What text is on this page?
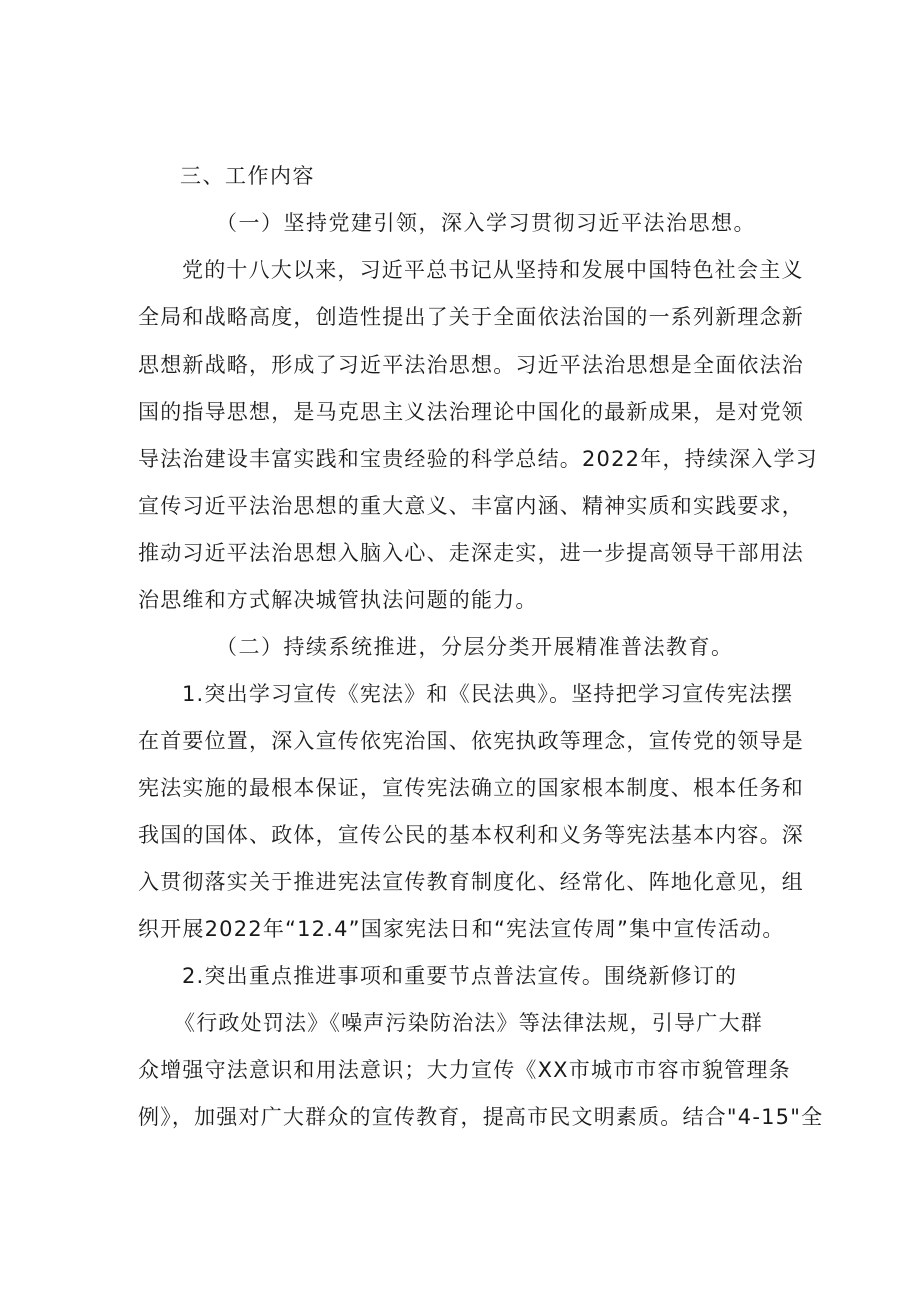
三、工作内容
（一）坚持党建引领，深入学习贯彻习近平法治思想。
党的十八大以来，习近平总书记从坚持和发展中国特色社会主义
全局和战略高度，创造性提出了关于全面依法治国的一系列新理念新
思想新战略，形成了习近平法治思想。习近平法治思想是全面依法治
国的指导思想，是马克思主义法治理论中国化的最新成果，是对党领
导法治建设丰富实践和宝贵经验的科学总结。2022年，持续深入学习
宣传习近平法治思想的重大意义、丰富内涵、精神实质和实践要求，
推动习近平法治思想入脑入心、走深走实，进一步提高领导干部用法
治思维和方式解决城管执法问题的能力。
（二）持续系统推进，分层分类开展精准普法教育。
1.突出学习宣传《宪法》和《民法典》。坚持把学习宣传宪法摆
在首要位置，深入宣传依宪治国、依宪执政等理念，宣传党的领导是
宪法实施的最根本保证，宣传宪法确立的国家根本制度、根本任务和
我国的国体、政体，宣传公民的基本权利和义务等宪法基本内容。深
入贯彻落实关于推进宪法宣传教育制度化、经常化、阵地化意见，组
织开展2022年“12.4”国家宪法日和“宪法宣传周”集中宣传活动。
2.突出重点推进事项和重要节点普法宣传。围绕新修订的
《行政处罚法》《噪声污染防治法》等法律法规，引导广大群
众增强守法意识和用法意识；大力宣传《XX市城市市容市貌管理条
例》，加强对广大群众的宣传教育，提高市民文明素质。结合"4-15"全
